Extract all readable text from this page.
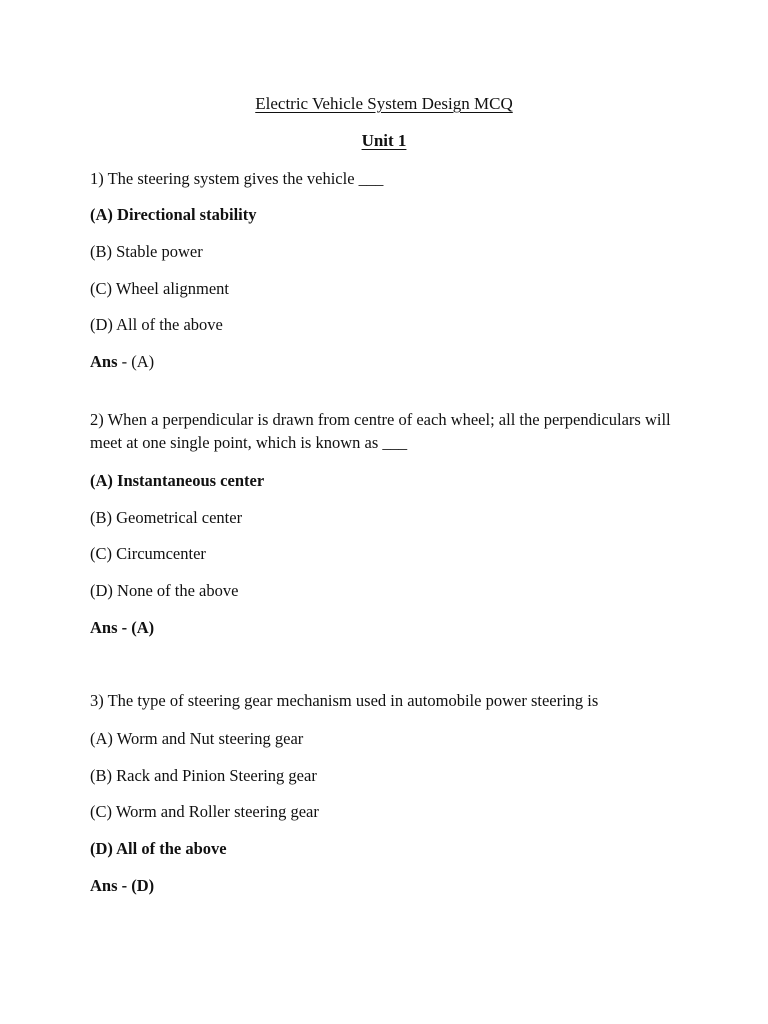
Electric Vehicle System Design MCQ
Unit 1
1) The steering system gives the vehicle ___
(A) Directional stability
(B) Stable power
(C) Wheel alignment
(D) All of the above
Ans - (A)
2) When a perpendicular is drawn from centre of each wheel; all the perpendiculars will meet at one single point, which is known as ___
(A) Instantaneous center
(B) Geometrical center
(C) Circumcenter
(D) None of the above
Ans - (A)
3) The type of steering gear mechanism used in automobile power steering is
(A) Worm and Nut steering gear
(B) Rack and Pinion Steering gear
(C) Worm and Roller steering gear
(D) All of the above
Ans - (D)
